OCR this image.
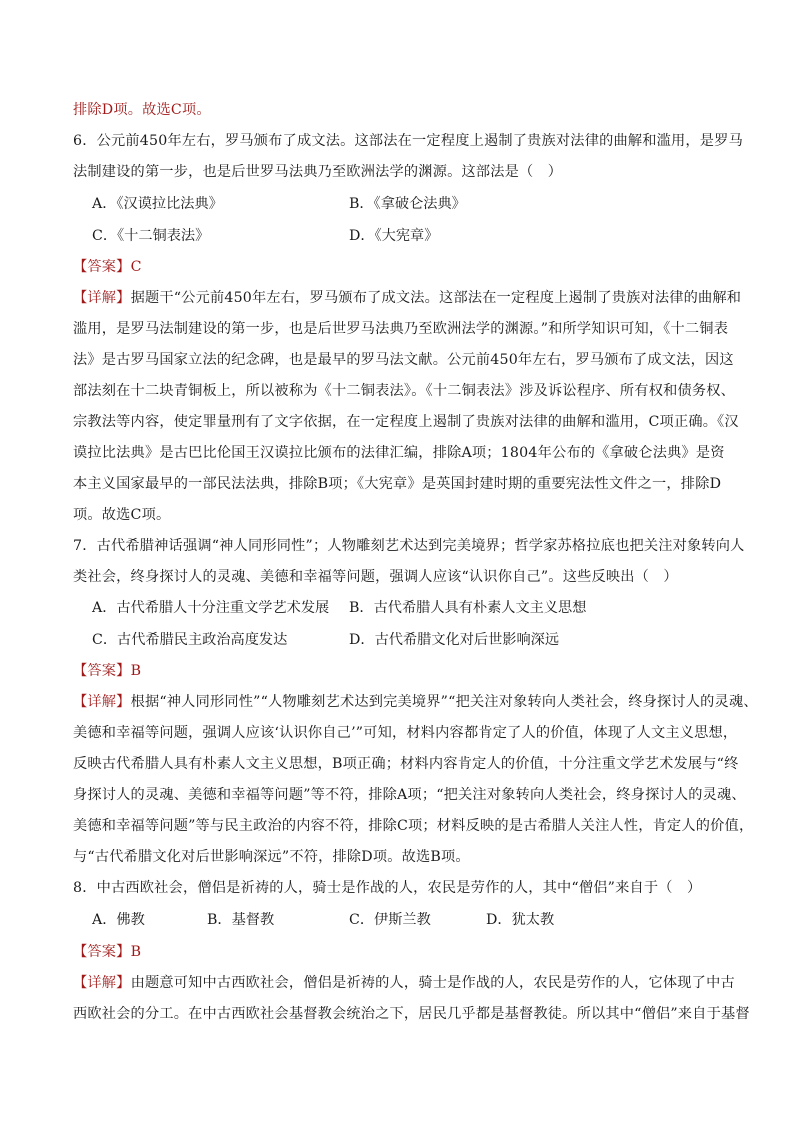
排除D项。故选C项。
6．公元前450年左右，罗马颁布了成文法。这部法在一定程度上遏制了贵族对法律的曲解和滥用，是罗马
法制建设的第一步，也是后世罗马法典乃至欧洲法学的渊源。这部法是（　）
A．《汉谟拉比法典》	B．《拿破仑法典》
C．《十二铜表法》	D．《大宪章》
【答案】C
【详解】据题干“公元前450年左右，罗马颁布了成文法。这部法在一定程度上遏制了贵族对法律的曲解和
滥用，是罗马法制建设的第一步，也是后世罗马法典乃至欧洲法学的渊源。”和所学知识可知，《十二铜表
法》是古罗马国家立法的纪念碑，也是最早的罗马法文献。公元前450年左右，罗马颁布了成文法，因这
部法刻在十二块青铜板上，所以被称为《十二铜表法》。《十二铜表法》涉及诉讼程序、所有权和债务权、
宗教法等内容，使定罪量刑有了文字依据，在一定程度上遏制了贵族对法律的曲解和滥用，C项正确。《汉
谟拉比法典》是古巴比伦国王汉谟拉比颁布的法律汇编，排除A项；1804年公布的《拿破仑法典》是资
本主义国家最早的一部民法法典，排除B项；《大宪章》是英国封建时期的重要宪法性文件之一，排除D
项。故选C项。
7．古代希腊神话强调“神人同形同性”；人物雕刻艺术达到完美境界；哲学家苏格拉底也把关注对象转向人
类社会，终身探讨人的灵魂、美德和幸福等问题，强调人应该“认识你自己”。这些反映出（　）
A．古代希腊人十分注重文学艺术发展 B．古代希腊人具有朴素人文主义思想
C．古代希腊民主政治高度发达	D．古代希腊文化对后世影响深远
【答案】B
【详解】根据“神人同形同性”“人物雕刻艺术达到完美境界”“把关注对象转向人类社会，终身探讨人的灵魂、
美德和幸福等问题，强调人应该‘认识你自己’”可知，材料内容都肯定了人的价值，体现了人文主义思想，
反映古代希腊人具有朴素人文主义思想，B项正确；材料内容肯定人的价值，十分注重文学艺术发展与“终
身探讨人的灵魂、美德和幸福等问题”等不符，排除A项；“把关注对象转向人类社会，终身探讨人的灵魂、
美德和幸福等问题”等与民主政治的内容不符，排除C项；材料反映的是古希腊人关注人性，肯定人的价值，
与“古代希腊文化对后世影响深远”不符，排除D项。故选B项。
8．中古西欧社会，僧侣是祈祷的人，骑士是作战的人，农民是劳作的人，其中“僧侣”来自于（　）
A．佛教	B．基督教	C．伊斯兰教	D．犹太教
【答案】B
【详解】由题意可知中古西欧社会，僧侣是祈祷的人，骑士是作战的人，农民是劳作的人，它体现了中古
西欧社会的分工。在中古西欧社会基督教会统治之下，居民几乎都是基督教徒。所以其中“僧侣”来自于基督
